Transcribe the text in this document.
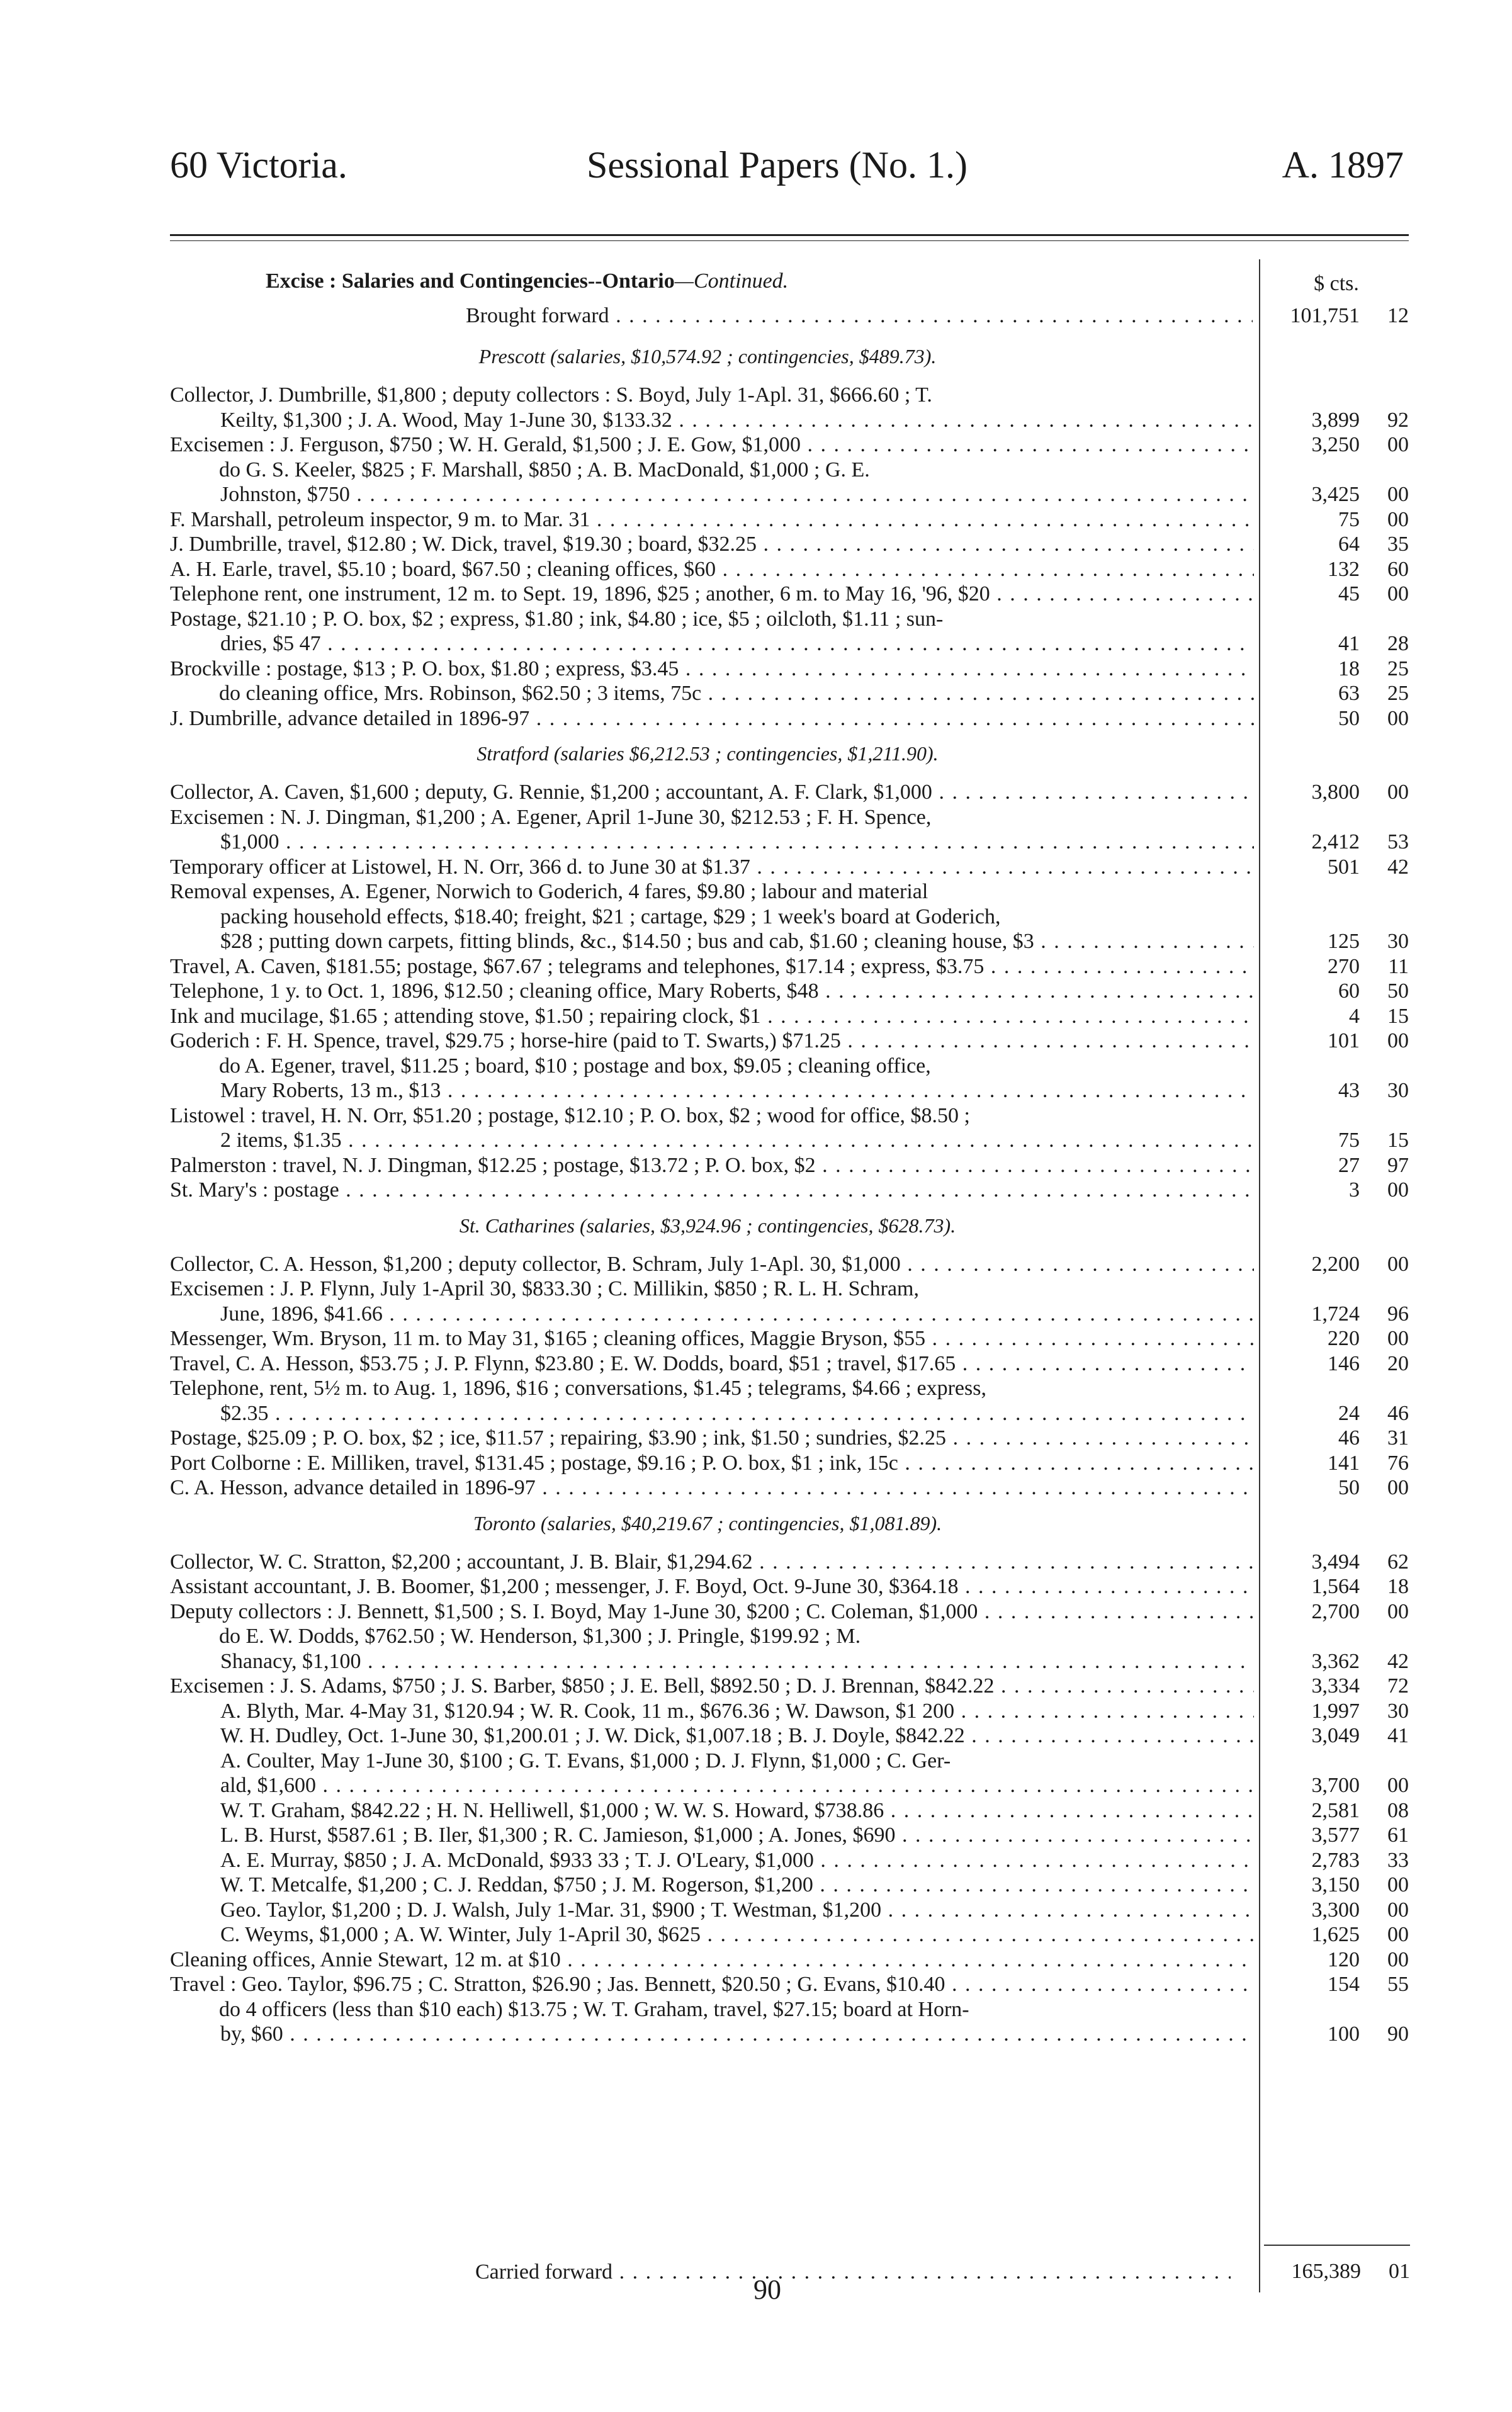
60 Victoria.	Sessional Papers (No. 1.)	A. 1897
Excise : Salaries and Contingencies--Ontario—Continued.	$ cts.
Brought forward . . .	101,751	12
Prescott (salaries, $10,574.92 ; contingencies, $489.73).
Collector, J. Dumbrille, $1,800 ; deputy collectors : S. Boyd, July 1-Apl. 31, $666.60 ; T.
Keilty, $1,300 ; J. A. Wood, May 1-June 30, $133.32 . . .	3,899	92
Excisemen : J. Ferguson, $750 ; W. H. Gerald, $1,500 ; J. E. Gow, $1,000 . . .	3,250	00
do G. S. Keeler, $825 ; F. Marshall, $850 ; A. B. MacDonald, $1,000 ; G. E.
Johnston, $750 . . .	3,425	00
F. Marshall, petroleum inspector, 9 m. to Mar. 31 . . .	75	00
J. Dumbrille, travel, $12.80 ; W. Dick, travel, $19.30 ; board, $32.25 . . .	64	35
A. H. Earle, travel, $5.10 ; board, $67.50 ; cleaning offices, $60 . . .	132	60
Telephone rent, one instrument, 12 m. to Sept. 19, 1896, $25 ; another, 6 m. to May 16, '96, $20 . . .	45	00
Postage, $21.10 ; P. O. box, $2 ; express, $1.80 ; ink, $4.80 ; ice, $5 ; oilcloth, $1.11 ; sun-
dries, $5 47 . . .	41	28
Brockville : postage, $13 ; P. O. box, $1.80 ; express, $3.45 . . .	18	25
do cleaning office, Mrs. Robinson, $62.50 ; 3 items, 75c . . .	63	25
J. Dumbrille, advance detailed in 1896-97 . . .	50	00
Stratford (salaries $6,212.53 ; contingencies, $1,211.90).
Collector, A. Caven, $1,600 ; deputy, G. Rennie, $1,200 ; accountant, A. F. Clark, $1,000 . . .	3,800	00
Excisemen : N. J. Dingman, $1,200 ; A. Egener, April 1-June 30, $212.53 ; F. H. Spence,
$1,000 . . .	2,412	53
Temporary officer at Listowel, H. N. Orr, 366 d. to June 30 at $1.37 . . .	501	42
Removal expenses, A. Egener, Norwich to Goderich, 4 fares, $9.80 ; labour and material
packing household effects, $18.40; freight, $21 ; cartage, $29 ; 1 week's board at Goderich,
$28 ; putting down carpets, fitting blinds, &c., $14.50 ; bus and cab, $1.60 ; cleaning house, $3 . . .	125	30
Travel, A. Caven, $181.55; postage, $67.67 ; telegrams and telephones, $17.14 ; express, $3.75 . . .	270	11
Telephone, 1 y. to Oct. 1, 1896, $12.50 ; cleaning office, Mary Roberts, $48 . . .	60	50
Ink and mucilage, $1.65 ; attending stove, $1.50 ; repairing clock, $1 . . .	4	15
Goderich : F. H. Spence, travel, $29.75 ; horse-hire (paid to T. Swarts,) $71.25 . . .	101	00
do A. Egener, travel, $11.25 ; board, $10 ; postage and box, $9.05 ; cleaning office,
Mary Roberts, 13 m., $13 . . .	43	30
Listowel : travel, H. N. Orr, $51.20 ; postage, $12.10 ; P. O. box, $2 ; wood for office, $8.50 ;
2 items, $1.35 . . .	75	15
Palmerston : travel, N. J. Dingman, $12.25 ; postage, $13.72 ; P. O. box, $2 . . .	27	97
St. Mary's : postage . . .	3	00
St. Catharines (salaries, $3,924.96 ; contingencies, $628.73).
Collector, C. A. Hesson, $1,200 ; deputy collector, B. Schram, July 1-Apl. 30, $1,000 . . .	2,200	00
Excisemen : J. P. Flynn, July 1-April 30, $833.30 ; C. Millikin, $850 ; R. L. H. Schram,
June, 1896, $41.66 . . .	1,724	96
Messenger, Wm. Bryson, 11 m. to May 31, $165 ; cleaning offices, Maggie Bryson, $55 . . .	220	00
Travel, C. A. Hesson, $53.75 ; J. P. Flynn, $23.80 ; E. W. Dodds, board, $51 ; travel, $17.65 . . .	146	20
Telephone, rent, 5½ m. to Aug. 1, 1896, $16 ; conversations, $1.45 ; telegrams, $4.66 ; express,
$2.35 . . .	24	46
Postage, $25.09 ; P. O. box, $2 ; ice, $11.57 ; repairing, $3.90 ; ink, $1.50 ; sundries, $2.25 . . .	46	31
Port Colborne : E. Milliken, travel, $131.45 ; postage, $9.16 ; P. O. box, $1 ; ink, 15c . . .	141	76
C. A. Hesson, advance detailed in 1896-97 . . .	50	00
Toronto (salaries, $40,219.67 ; contingencies, $1,081.89).
Collector, W. C. Stratton, $2,200 ; accountant, J. B. Blair, $1,294.62 . . .	3,494	62
Assistant accountant, J. B. Boomer, $1,200 ; messenger, J. F. Boyd, Oct. 9-June 30, $364.18 . . .	1,564	18
Deputy collectors : J. Bennett, $1,500 ; S. I. Boyd, May 1-June 30, $200 ; C. Coleman, $1,000 . . .	2,700	00
do E. W. Dodds, $762.50 ; W. Henderson, $1,300 ; J. Pringle, $199.92 ; M.
Shanacy, $1,100 . . .	3,362	42
Excisemen : J. S. Adams, $750 ; J. S. Barber, $850 ; J. E. Bell, $892.50 ; D. J. Brennan, $842.22 . . .	3,334	72
A. Blyth, Mar. 4-May 31, $120.94 ; W. R. Cook, 11 m., $676.36 ; W. Dawson, $1 200 . . .	1,997	30
W. H. Dudley, Oct. 1-June 30, $1,200.01 ; J. W. Dick, $1,007.18 ; B. J. Doyle, $842.22 . . .	3,049	41
A. Coulter, May 1-June 30, $100 ; G. T. Evans, $1,000 ; D. J. Flynn, $1,000 ; C. Ger-
ald, $1,600 . . .	3,700	00
W. T. Graham, $842.22 ; H. N. Helliwell, $1,000 ; W. W. S. Howard, $738.86 . . .	2,581	08
L. B. Hurst, $587.61 ; B. Iler, $1,300 ; R. C. Jamieson, $1,000 ; A. Jones, $690 . . .	3,577	61
A. E. Murray, $850 ; J. A. McDonald, $933 33 ; T. J. O'Leary, $1,000 . . .	2,783	33
W. T. Metcalfe, $1,200 ; C. J. Reddan, $750 ; J. M. Rogerson, $1,200 . . .	3,150	00
Geo. Taylor, $1,200 ; D. J. Walsh, July 1-Mar. 31, $900 ; T. Westman, $1,200 . . .	3,300	00
C. Weyms, $1,000 ; A. W. Winter, July 1-April 30, $625 . . .	1,625	00
Cleaning offices, Annie Stewart, 12 m. at $10 . . .	120	00
Travel : Geo. Taylor, $96.75 ; C. Stratton, $26.90 ; Jas. Bennett, $20.50 ; G. Evans, $10.40 . . .	154	55
do 4 officers (less than $10 each) $13.75 ; W. T. Graham, travel, $27.15; board at Horn-
by, $60 . . .	100	90
Carried forward . . .	165,389	01
90
